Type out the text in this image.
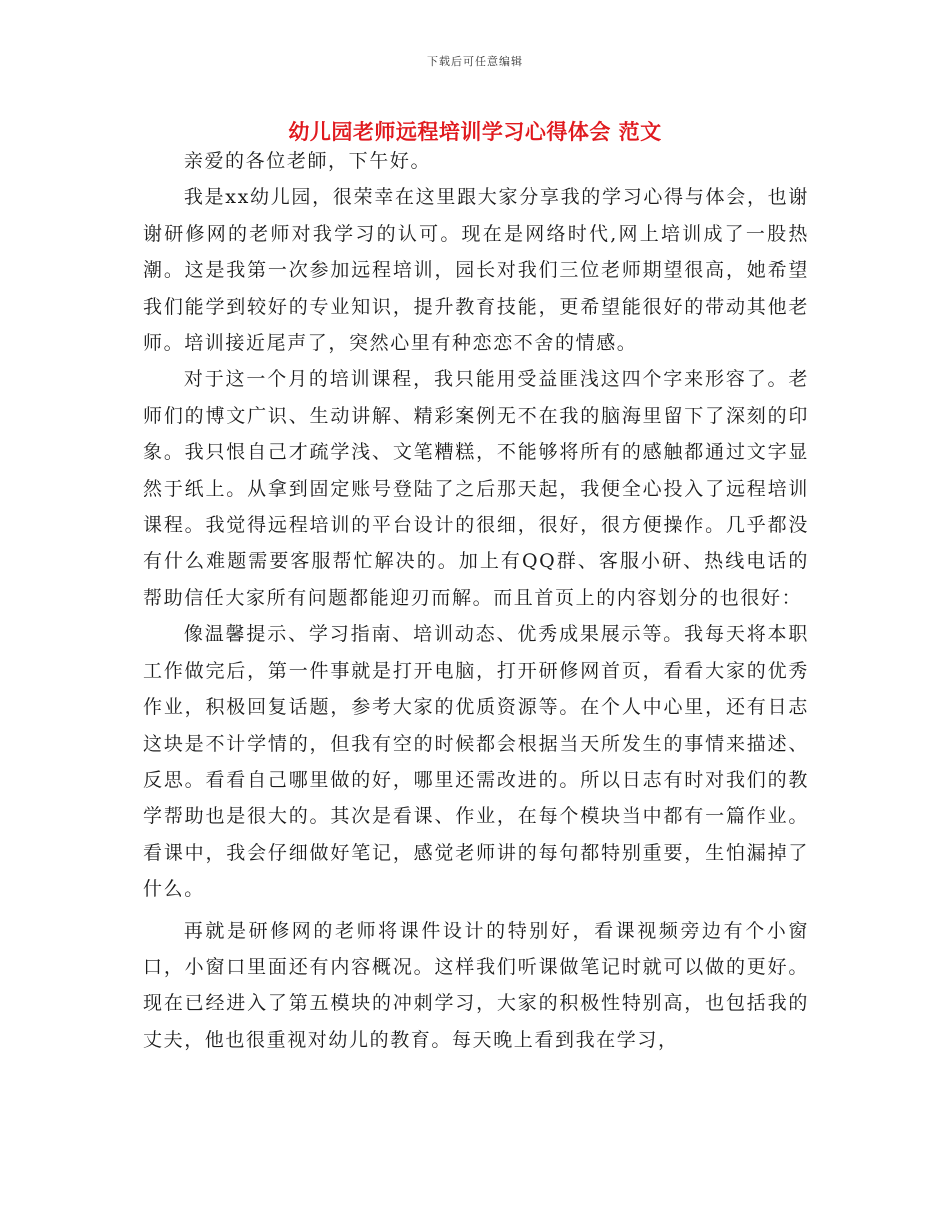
下载后可任意编辑
幼儿园老师远程培训学习心得体会 范文

亲爱的各位老師，下午好。

我是xx幼儿园，很荣幸在这里跟大家分享我的学习心得与体会，也谢谢研修网的老师对我学习的认可。现在是网络时代,网上培训成了一股热潮。这是我第一次参加远程培训，园长对我们三位老师期望很高，她希望我们能学到较好的专业知识，提升教育技能，更希望能很好的带动其他老师。培训接近尾声了，突然心里有种恋恋不舍的情感。

对于这一个月的培训课程，我只能用受益匪浅这四个字来形容了。老师们的博文广识、生动讲解、精彩案例无不在我的脑海里留下了深刻的印象。我只恨自己才疏学浅、文笔糟糕，不能够将所有的感触都通过文字显然于纸上。从拿到固定账号登陆了之后那天起，我便全心投入了远程培训课程。我觉得远程培训的平台设计的很细，很好，很方便操作。几乎都没有什么难题需要客服帮忙解决的。加上有QQ群、客服小研、热线电话的帮助信任大家所有问题都能迎刃而解。而且首页上的内容划分的也很好：

像温馨提示、学习指南、培训动态、优秀成果展示等。我每天将本职工作做完后，第一件事就是打开电脑，打开研修网首页，看看大家的优秀作业，积极回复话题，参考大家的优质资源等。在个人中心里，还有日志这块是不计学情的，但我有空的时候都会根据当天所发生的事情来描述、反思。看看自己哪里做的好，哪里还需改进的。所以日志有时对我们的教学帮助也是很大的。其次是看课、作业，在每个模块当中都有一篇作业。看课中，我会仔细做好笔记，感觉老师讲的每句都特别重要，生怕漏掉了什么。

再就是研修网的老师将课件设计的特别好，看课视频旁边有个小窗口，小窗口里面还有内容概况。这样我们听课做笔记时就可以做的更好。现在已经进入了第五模块的冲刺学习，大家的积极性特别高，也包括我的丈夫，他也很重视对幼儿的教育。每天晚上看到我在学习，
